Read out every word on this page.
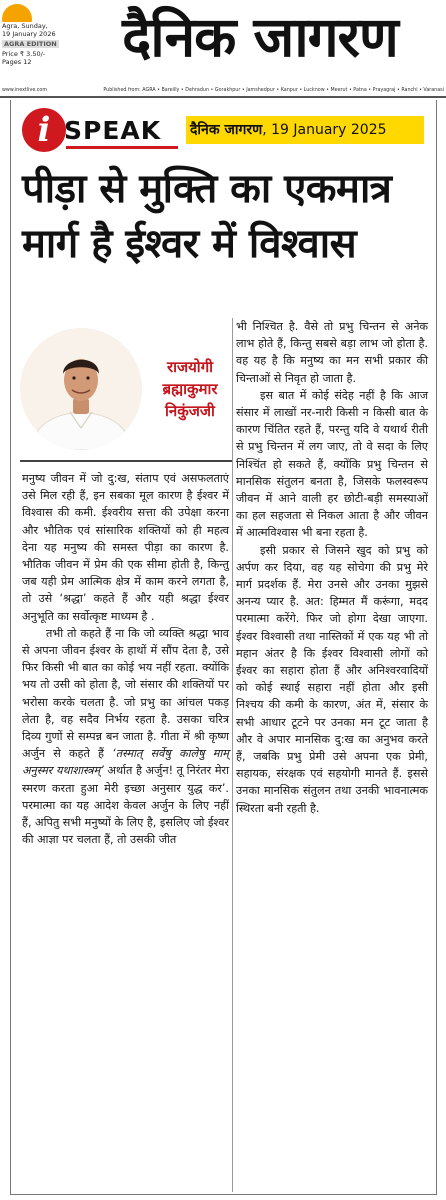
Agra, Sunday,
19 January 2026
AGRA EDITION
Price ₹ 3.50/-
Pages 12	दैनिक जागरण
www.inextlive.com	Published from: AGRA • Bareilly • Dehradun • Gorakhpur • Jamshedpur • Kanpur • Lucknow • Meerut • Patna • Prayagraj • Ranchi • Varanasi
i SPEAK दैनिक जागरण, 19 January 2025
पीड़ा से मुक्ति का एकमात्र
मार्ग है ईश्वर में विश्वास
राजयोगी
ब्रह्माकुमार
निकुंजजी

मनुष्य जीवन में जो दु:ख, संताप एवं असफलताएं उसे मिल रही हैं, इन सबका मूल कारण है ईश्वर में विश्वास की कमी. ईश्वरीय सत्ता की उपेक्षा करना और भौतिक एवं सांसारिक शक्तियों को ही महत्व देना यह मनुष्य की समस्त पीड़ा का कारण है. भौतिक जीवन में प्रेम की एक सीमा होती है, किन्तु जब यही प्रेम आत्मिक क्षेत्र में काम करने लगता है, तो उसे ‘श्रद्धा’ कहते हैं और यही श्रद्धा ईश्वर अनुभूति का सर्वोत्कृष्ट माध्यम है .

तभी तो कहते हैं ना कि जो व्यक्ति श्रद्धा भाव से अपना जीवन ईश्वर के हाथों में सौंप देता है, उसे फिर किसी भी बात का कोई भय नहीं रहता. क्योंकि भय तो उसी को होता है, जो संसार की शक्तियों पर भरोसा करके चलता है. जो प्रभु का आंचल पकड़ लेता है, वह सदैव निर्भय रहता है. उसका चरित्र दिव्य गुणों से सम्पन्न बन जाता है. गीता में श्री कृष्ण अर्जुन से कहते हैं ‘तस्मात् सर्वेषु कालेषु माम् अनुस्मर यथाशास्त्रम्’ अर्थात है अर्जुन! तू निरंतर मेरा स्मरण करता हुआ मेरी इच्छा अनुसार युद्ध कर’. परमात्मा का यह आदेश केवल अर्जुन के लिए नहीं हैं, अपितु सभी मनुष्यों के लिए है, इसलिए जो ईश्वर की आज्ञा पर चलता हैं, तो उसकी जीत

भी निश्चित है. वैसे तो प्रभु चिन्तन से अनेक लाभ होते हैं, किन्तु सबसे बड़ा लाभ जो होता है. वह यह है कि मनुष्य का मन सभी प्रकार की चिन्ताओं से निवृत हो जाता है.

इस बात में कोई संदेह नहीं है कि आज संसार में लाखों नर-नारी किसी न किसी बात के कारण चिंतित रहते हैं, परन्तु यदि वे यथार्थ रीती से प्रभु चिन्तन में लग जाए, तो वे सदा के लिए निश्चिंत हो सकते हैं, क्योंकि प्रभु चिन्तन से मानसिक संतुलन बनता है, जिसके फलस्वरूप जीवन में आने वाली हर छोटी-बड़ी समस्याओं का हल सहजता से निकल आता है और जीवन में आत्मविश्वास भी बना रहता है.

इसी प्रकार से जिसने खुद को प्रभु को अर्पण कर दिया, वह यह सोचेगा की प्रभु मेरे मार्ग प्रदर्शक हैं. मेरा उनसे और उनका मुझसे अनन्य प्यार है. अत: हिम्मत मैं करूंगा, मदद परमात्मा करेंगे. फिर जो होगा देखा जाएगा. ईश्वर विश्वासी तथा नास्तिकों में एक यह भी तो महान अंतर है कि ईश्वर विश्वासी लोगों को ईश्वर का सहारा होता हैं और अनिश्वरवादियों को कोई स्थाई सहारा नहीं होता और इसी निश्चय की कमी के कारण, अंत में, संसार के सभी आधार टूटने पर उनका मन टूट जाता है और वे अपार मानसिक दु:ख का अनुभव करते हैं, जबकि प्रभु प्रेमी उसे अपना एक प्रेमी, सहायक, संरक्षक एवं सहयोगी मानते हैं. इससे उनका मानसिक संतुलन तथा उनकी भावनात्मक स्थिरता बनी रहती है.
